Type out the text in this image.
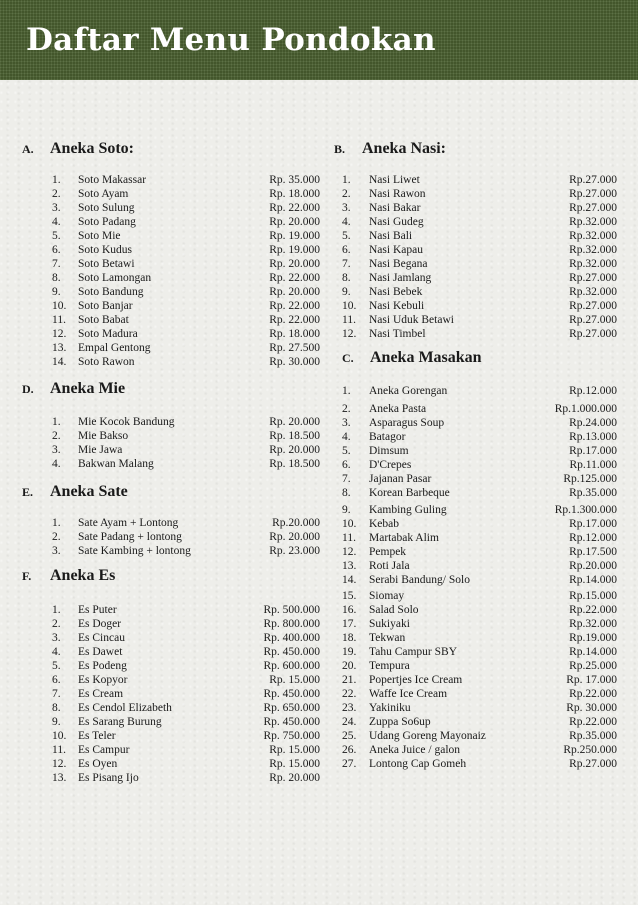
Daftar Menu Pondokan
A. Aneka Soto:
1. Soto Makassar	Rp. 35.000
2. Soto Ayam	Rp. 18.000
3. Soto Sulung	Rp. 22.000
4. Soto Padang	Rp. 20.000
5. Soto Mie	Rp. 19.000
6. Soto Kudus	Rp. 19.000
7. Soto Betawi	Rp. 20.000
8. Soto Lamongan	Rp. 22.000
9. Soto Bandung	Rp. 20.000
10. Soto Banjar	Rp. 22.000
11. Soto Babat	Rp. 22.000
12. Soto Madura	Rp. 18.000
13. Empal Gentong	Rp. 27.500
14. Soto Rawon	Rp. 30.000
D. Aneka Mie
1. Mie Kocok Bandung	Rp. 20.000
2. Mie Bakso	Rp. 18.500
3. Mie Jawa	Rp. 20.000
4. Bakwan Malang	Rp. 18.500
E. Aneka Sate
1. Sate Ayam + Lontong	Rp.20.000
2. Sate Padang + lontong	Rp. 20.000
3. Sate Kambing + lontong	Rp. 23.000
F. Aneka Es
1. Es Puter	Rp. 500.000
2. Es Doger	Rp. 800.000
3. Es Cincau	Rp. 400.000
4. Es Dawet	Rp. 450.000
5. Es Podeng	Rp. 600.000
6. Es Kopyor	Rp. 15.000
7. Es Cream	Rp. 450.000
8. Es Cendol Elizabeth	Rp. 650.000
9. Es Sarang Burung	Rp. 450.000
10. Es Teler	Rp. 750.000
11. Es Campur	Rp. 15.000
12. Es Oyen	Rp. 15.000
13. Es Pisang Ijo	Rp. 20.000
B. Aneka Nasi:
1. Nasi Liwet	Rp.27.000
2. Nasi Rawon	Rp.27.000
3. Nasi Bakar	Rp.27.000
4. Nasi Gudeg	Rp.32.000
5. Nasi Bali	Rp.32.000
6. Nasi Kapau	Rp.32.000
7. Nasi Begana	Rp.32.000
8. Nasi Jamlang	Rp.27.000
9. Nasi Bebek	Rp.32.000
10. Nasi Kebuli	Rp.27.000
11. Nasi Uduk Betawi	Rp.27.000
12. Nasi Timbel	Rp.27.000
C. Aneka Masakan
1. Aneka Gorengan	Rp.12.000
2. Aneka Pasta	Rp.1.000.000
3. Asparagus Soup	Rp.24.000
4. Batagor	Rp.13.000
5. Dimsum	Rp.17.000
6. D'Crepes	Rp.11.000
7. Jajanan Pasar	Rp.125.000
8. Korean Barbeque	Rp.35.000
9. Kambing Guling	Rp.1.300.000
10. Kebab	Rp.17.000
11. Martabak Alim	Rp.12.000
12. Pempek	Rp.17.500
13. Roti Jala	Rp.20.000
14. Serabi Bandung/ Solo	Rp.14.000
15. Siomay	Rp.15.000
16. Salad Solo	Rp.22.000
17. Sukiyaki	Rp.32.000
18. Tekwan	Rp.19.000
19. Tahu Campur SBY	Rp.14.000
20. Tempura	Rp.25.000
21. Popertjes Ice Cream	Rp. 17.000
22. Waffe Ice Cream	Rp.22.000
23. Yakiniku	Rp. 30.000
24. Zuppa So6up	Rp.22.000
25. Udang Goreng Mayonaiz	Rp.35.000
26. Aneka Juice / galon	Rp.250.000
27. Lontong Cap Gomeh	Rp.27.000
